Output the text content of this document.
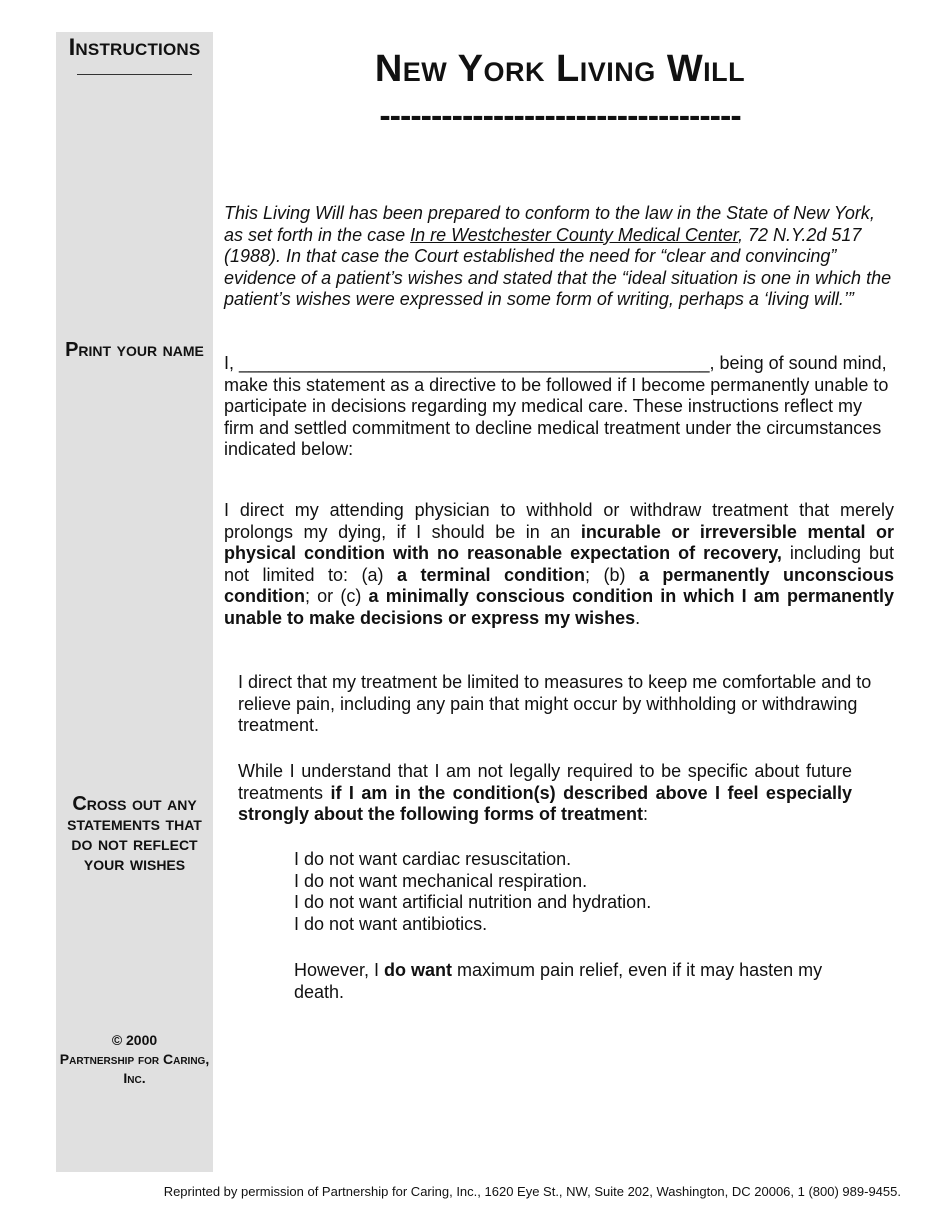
Instructions
Print your name
Cross out any statements that do not reflect your wishes
© 2000
Partnership for Caring, Inc.
New York Living Will
-----------------------------------

This Living Will has been prepared to conform to the law in the State of New York, as set forth in the case In re Westchester County Medical Center, 72 N.Y.2d 517 (1988). In that case the Court established the need for “clear and convincing” evidence of a patient’s wishes and stated that the “ideal situation is one in which the patient’s wishes were expressed in some form of writing, perhaps a ‘living will.’”

I, _______________________________________________, being of sound mind, make this statement as a directive to be followed if I become permanently unable to participate in decisions regarding my medical care. These instructions reflect my firm and settled commitment to decline medical treatment under the circumstances indicated below:

I direct my attending physician to withhold or withdraw treatment that merely prolongs my dying, if I should be in an incurable or irreversible mental or physical condition with no reasonable expectation of recovery, including but not limited to: (a) a terminal condition; (b) a permanently unconscious condition; or (c) a minimally conscious condition in which I am permanently unable to make decisions or express my wishes.

I direct that my treatment be limited to measures to keep me comfortable and to relieve pain, including any pain that might occur by withholding or withdrawing treatment.

While I understand that I am not legally required to be specific about future treatments if I am in the condition(s) described above I feel especially strongly about the following forms of treatment:

I do not want cardiac resuscitation.
I do not want mechanical respiration.
I do not want artificial nutrition and hydration.
I do not want antibiotics.

However, I do want maximum pain relief, even if it may hasten my death.

Reprinted by permission of Partnership for Caring, Inc., 1620 Eye St., NW, Suite 202, Washington, DC 20006, 1 (800) 989-9455.
